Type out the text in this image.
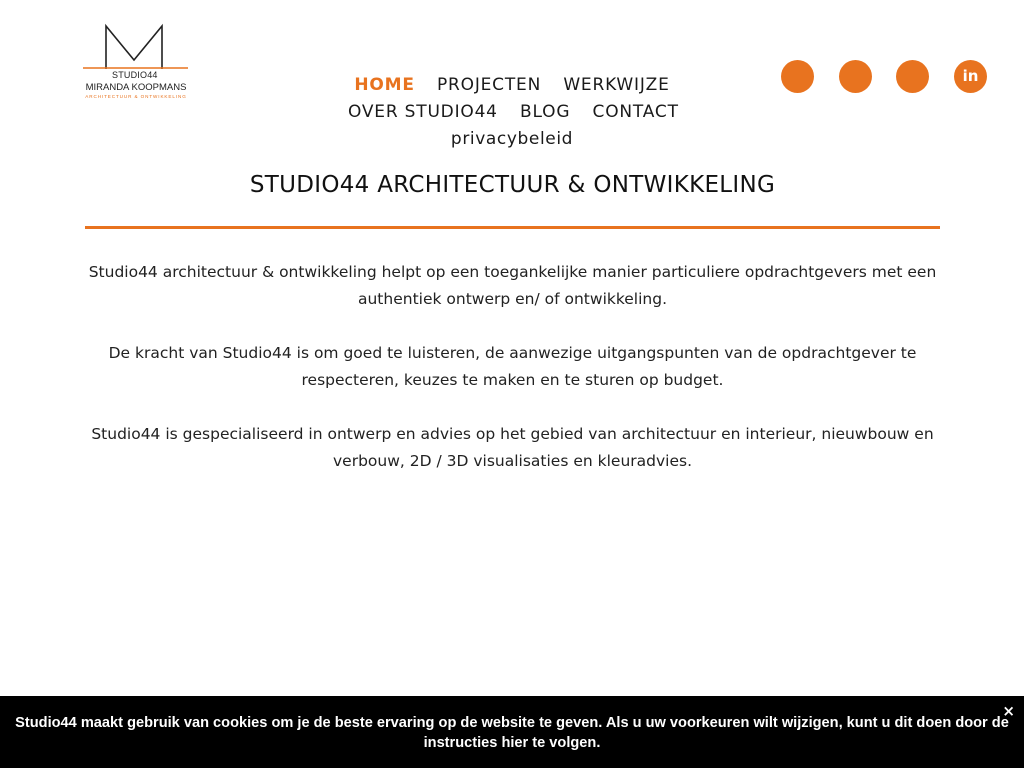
STUDIO44
MIRANDA KOOPMANS
ARCHITECTUUR & ONTWIKKELING
HOME PROJECTEN WERKWIJZE
OVER STUDIO44 BLOG CONTACT
privacybeleid
in
STUDIO44 ARCHITECTUUR & ONTWIKKELING

Studio44 architectuur & ontwikkeling helpt op een toegankelijke manier particuliere opdrachtgevers met een authentiek ontwerp en/ of ontwikkeling.

De kracht van Studio44 is om goed te luisteren, de aanwezige uitgangspunten van de opdrachtgever te respecteren, keuzes te maken en te sturen op budget.

Studio44 is gespecialiseerd in ontwerp en advies op het gebied van architectuur en interieur, nieuwbouw en verbouw, 2D / 3D visualisaties en kleuradvies.

×
Studio44 maakt gebruik van cookies om je de beste ervaring op de website te geven. Als u uw voorkeuren wilt wijzigen, kunt u dit doen door de instructies hier te volgen.
